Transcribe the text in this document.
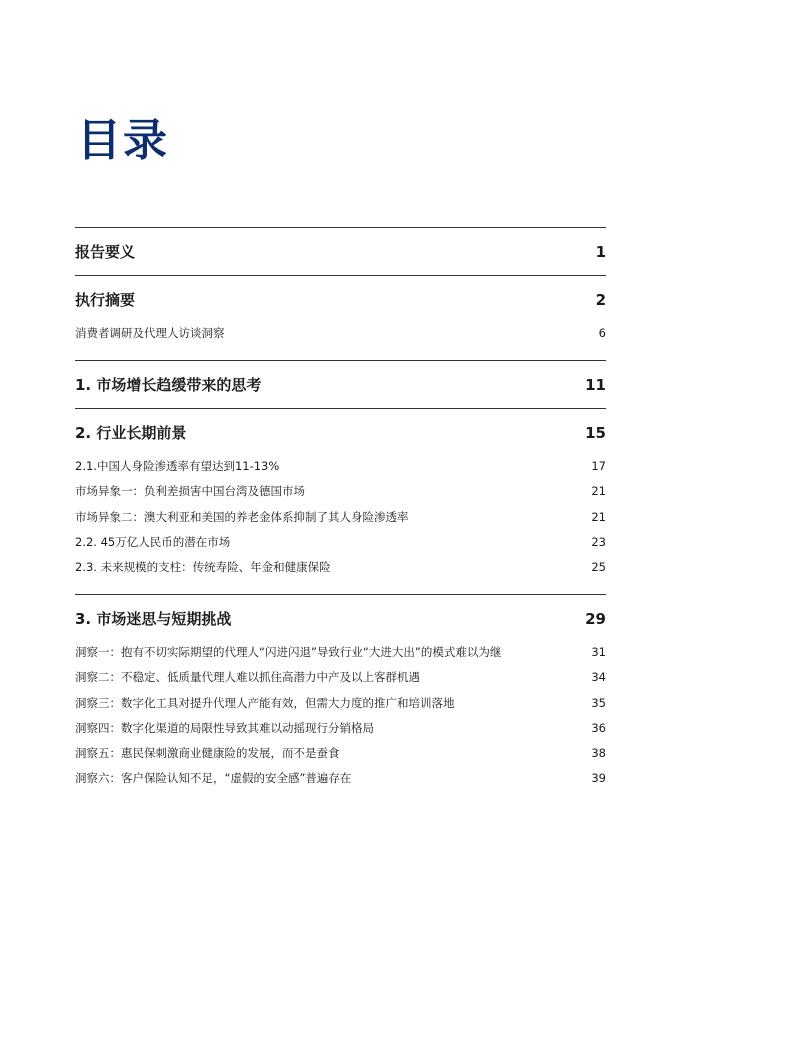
目录
报告要义	1
执行摘要	2
消费者调研及代理人访谈洞察	6
1. 市场增长趋缓带来的思考	11
2. 行业长期前景	15
2.1.中国人身险渗透率有望达到11-13%	17
市场异象一：负利差损害中国台湾及德国市场	21
市场异象二：澳大利亚和美国的养老金体系抑制了其人身险渗透率	21
2.2. 45万亿人民币的潜在市场	23
2.3. 未来规模的支柱：传统寿险、年金和健康保险	25
3. 市场迷思与短期挑战	29
洞察一：抱有不切实际期望的代理人“闪进闪退”导致行业“大进大出”的模式难以为继	31
洞察二：不稳定、低质量代理人难以抓住高潜力中产及以上客群机遇	34
洞察三：数字化工具对提升代理人产能有效，但需大力度的推广和培训落地	35
洞察四：数字化渠道的局限性导致其难以动摇现行分销格局	36
洞察五：惠民保刺激商业健康险的发展，而不是蚕食	38
洞察六：客户保险认知不足，“虚假的安全感”普遍存在	39
